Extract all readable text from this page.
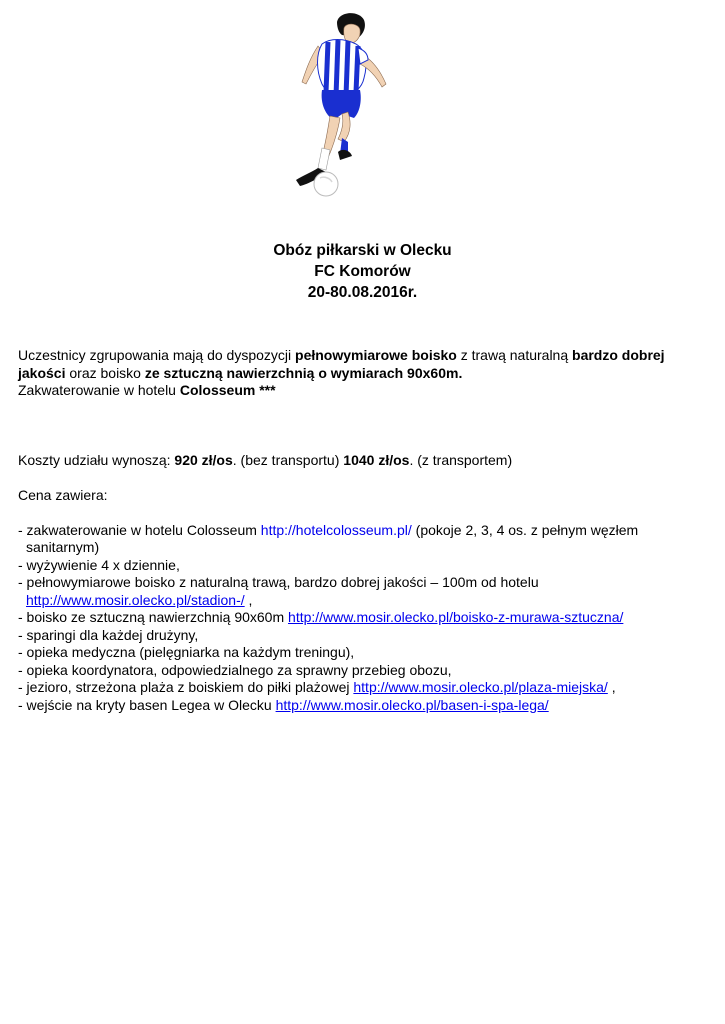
Obóz piłkarski w Olecku
FC Komorów
20-80.08.2016r.

Uczestnicy zgrupowania mają do dyspozycji pełnowymiarowe boisko z trawą naturalną bardzo dobrej jakości oraz boisko ze sztuczną nawierzchnią o wymiarach 90x60m.

Zakwaterowanie w hotelu Colosseum ***

Koszty udziału wynoszą: 920 zł/os. (bez transportu) 1040 zł/os. (z transportem)

Cena zawiera:

- zakwaterowanie w hotelu Colosseum http://hotelcolosseum.pl/ (pokoje 2, 3, 4 os. z pełnym węzłem sanitarnym)
- wyżywienie 4 x dziennie,
- pełnowymiarowe boisko z naturalną trawą, bardzo dobrej jakości – 100m od hotelu http://www.mosir.olecko.pl/stadion-/ ,
- boisko ze sztuczną nawierzchnią 90x60m http://www.mosir.olecko.pl/boisko-z-murawa-sztuczna/
- sparingi dla każdej drużyny,
- opieka medyczna (pielęgniarka na każdym treningu),
- opieka koordynatora, odpowiedzialnego za sprawny przebieg obozu,
- jezioro, strzeżona plaża z boiskiem do piłki plażowej http://www.mosir.olecko.pl/plaza-miejska/ ,
- wejście na kryty basen Legea w Olecku http://www.mosir.olecko.pl/basen-i-spa-lega/
